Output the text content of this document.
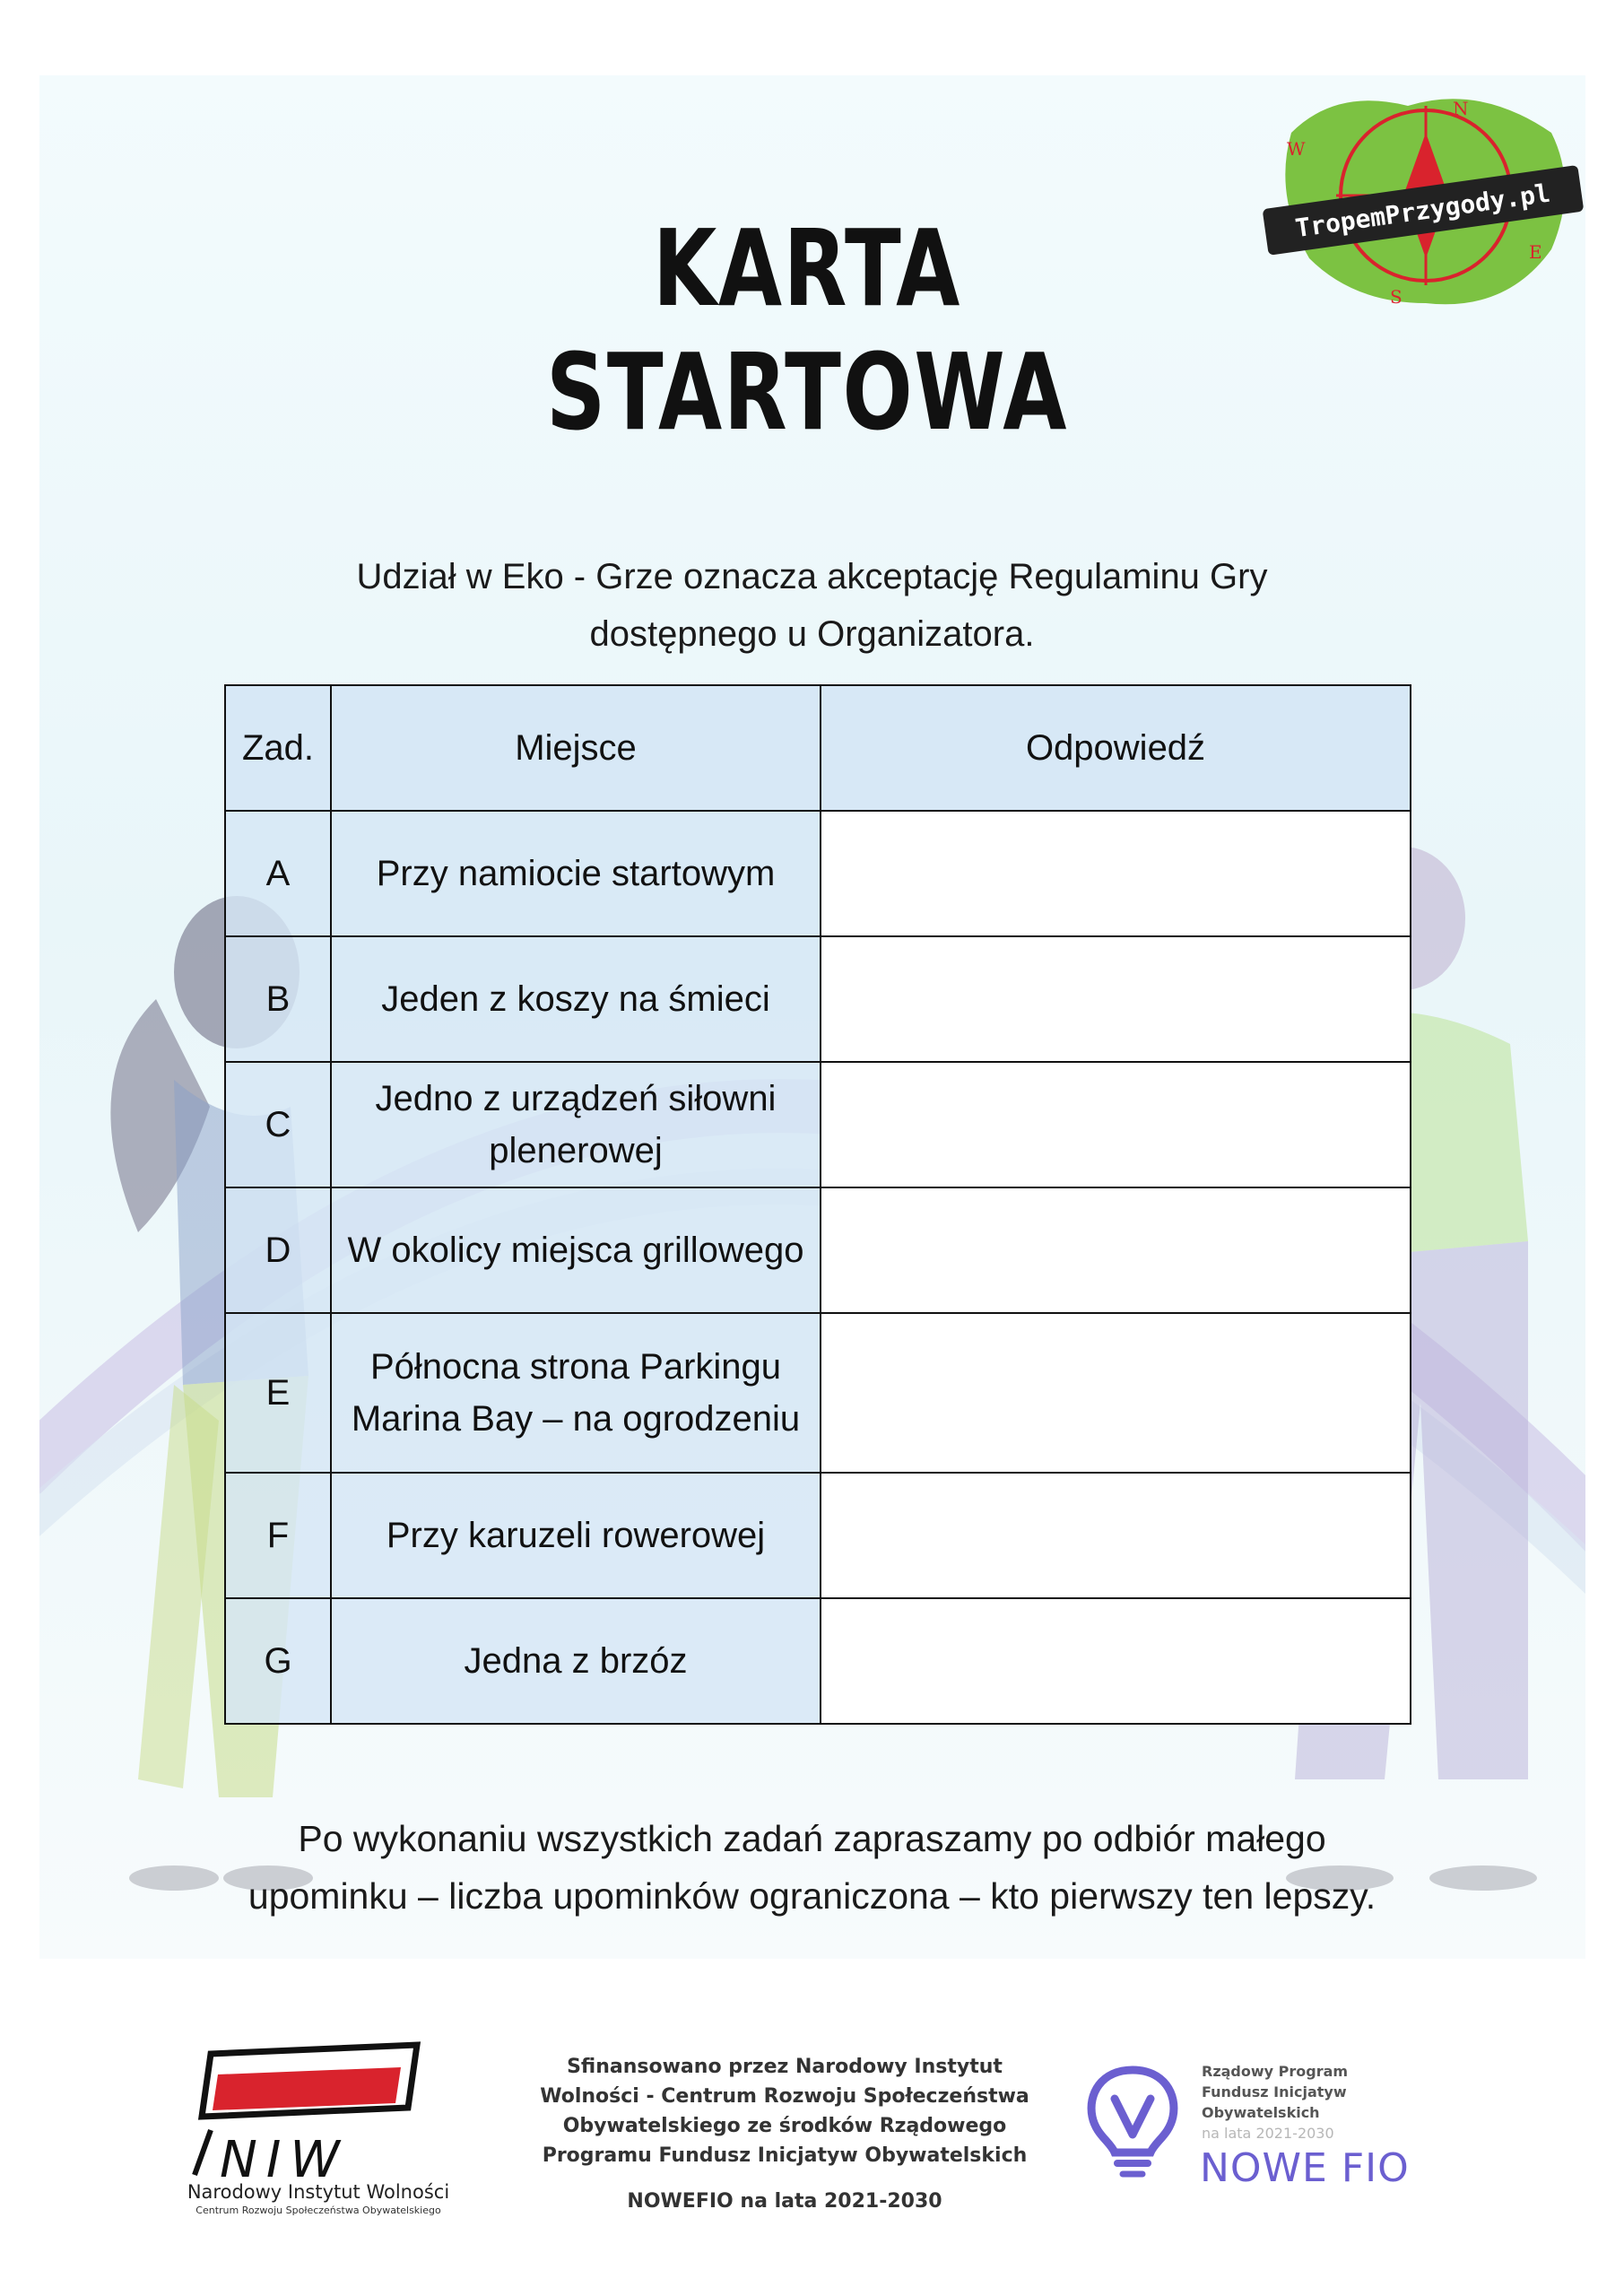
KARTA STARTOWA
N
E
S
W
TropemPrzygody.pl
Udział w Eko - Grze oznacza akceptację Regulaminu Gry
dostępnego u Organizatora.
Zad.	Miejsce	Odpowiedź
A	Przy namiocie startowym	
B	Jeden z koszy na śmieci	
C	Jedno z urządzeń siłowni plenerowej	
D	W okolicy miejsca grillowego	
E	Północna strona Parkingu Marina Bay – na ogrodzeniu	
F	Przy karuzeli rowerowej	
G	Jedna z brzóz	
Po wykonaniu wszystkich zadań zapraszamy po odbiór małego
upominku – liczba upominków ograniczona – kto pierwszy ten lepszy.
NIW
Narodowy Instytut Wolności
Centrum Rozwoju Społeczeństwa Obywatelskiego
Sfinansowano przez Narodowy Instytut
Wolności - Centrum Rozwoju Społeczeństwa
Obywatelskiego ze środków Rządowego
Programu Fundusz Inicjatyw Obywatelskich
NOWEFIO na lata 2021-2030
Rządowy Program
Fundusz Inicjatyw
Obywatelskich
na lata 2021-2030
NOWE FIO
